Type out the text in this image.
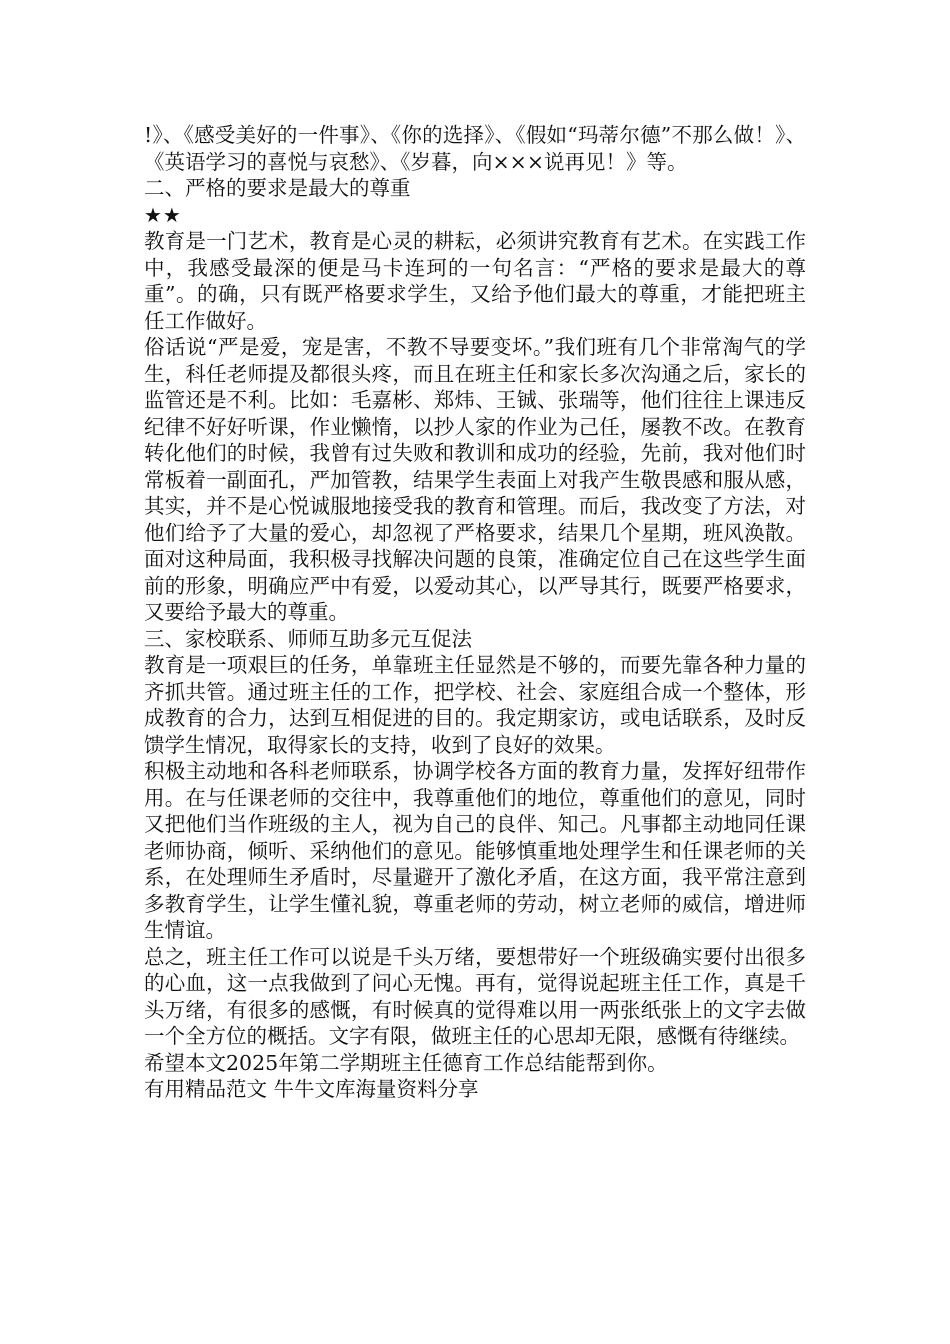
!》、《感受美好的一件事》、《你的选择》、《假如“玛蒂尔德”不那么做！》、《英语学习的喜悦与哀愁》、《岁暮，向×××说再见！》等。

二、严格的要求是最大的尊重

★★

教育是一门艺术，教育是心灵的耕耘，必须讲究教育有艺术。在实践工作中，我感受最深的便是马卡连珂的一句名言：“严格的要求是最大的尊重”。的确，只有既严格要求学生，又给予他们最大的尊重，才能把班主任工作做好。

俗话说“严是爱，宠是害，不教不导要变坏。”我们班有几个非常淘气的学生，科任老师提及都很头疼，而且在班主任和家长多次沟通之后，家长的监管还是不利。比如：毛嘉彬、郑炜、王铖、张瑞等，他们往往上课违反纪律不好好听课，作业懒惰，以抄人家的作业为己任，屡教不改。在教育转化他们的时候，我曾有过失败和教训和成功的经验，先前，我对他们时常板着一副面孔，严加管教，结果学生表面上对我产生敬畏感和服从感，其实，并不是心悦诚服地接受我的教育和管理。而后，我改变了方法，对他们给予了大量的爱心，却忽视了严格要求，结果几个星期，班风涣散。面对这种局面，我积极寻找解决问题的良策，准确定位自己在这些学生面前的形象，明确应严中有爱，以爱动其心，以严导其行，既要严格要求，又要给予最大的尊重。

三、家校联系、师师互助多元互促法

教育是一项艰巨的任务，单靠班主任显然是不够的，而要先靠各种力量的齐抓共管。通过班主任的工作，把学校、社会、家庭组合成一个整体，形成教育的合力，达到互相促进的目的。我定期家访，或电话联系，及时反馈学生情况，取得家长的支持，收到了良好的效果。

积极主动地和各科老师联系，协调学校各方面的教育力量，发挥好纽带作用。在与任课老师的交往中，我尊重他们的地位，尊重他们的意见，同时又把他们当作班级的主人，视为自己的良伴、知己。凡事都主动地同任课老师协商，倾听、采纳他们的意见。能够慎重地处理学生和任课老师的关系，在处理师生矛盾时，尽量避开了激化矛盾，在这方面，我平常注意到多教育学生，让学生懂礼貌，尊重老师的劳动，树立老师的威信，增进师生情谊。

总之，班主任工作可以说是千头万绪，要想带好一个班级确实要付出很多的心血，这一点我做到了问心无愧。再有，觉得说起班主任工作，真是千头万绪，有很多的感慨，有时候真的觉得难以用一两张纸张上的文字去做一个全方位的概括。文字有限，做班主任的心思却无限，感慨有待继续。

希望本文2025年第二学期班主任德育工作总结能帮到你。

有用精品范文 牛牛文库海量资料分享
